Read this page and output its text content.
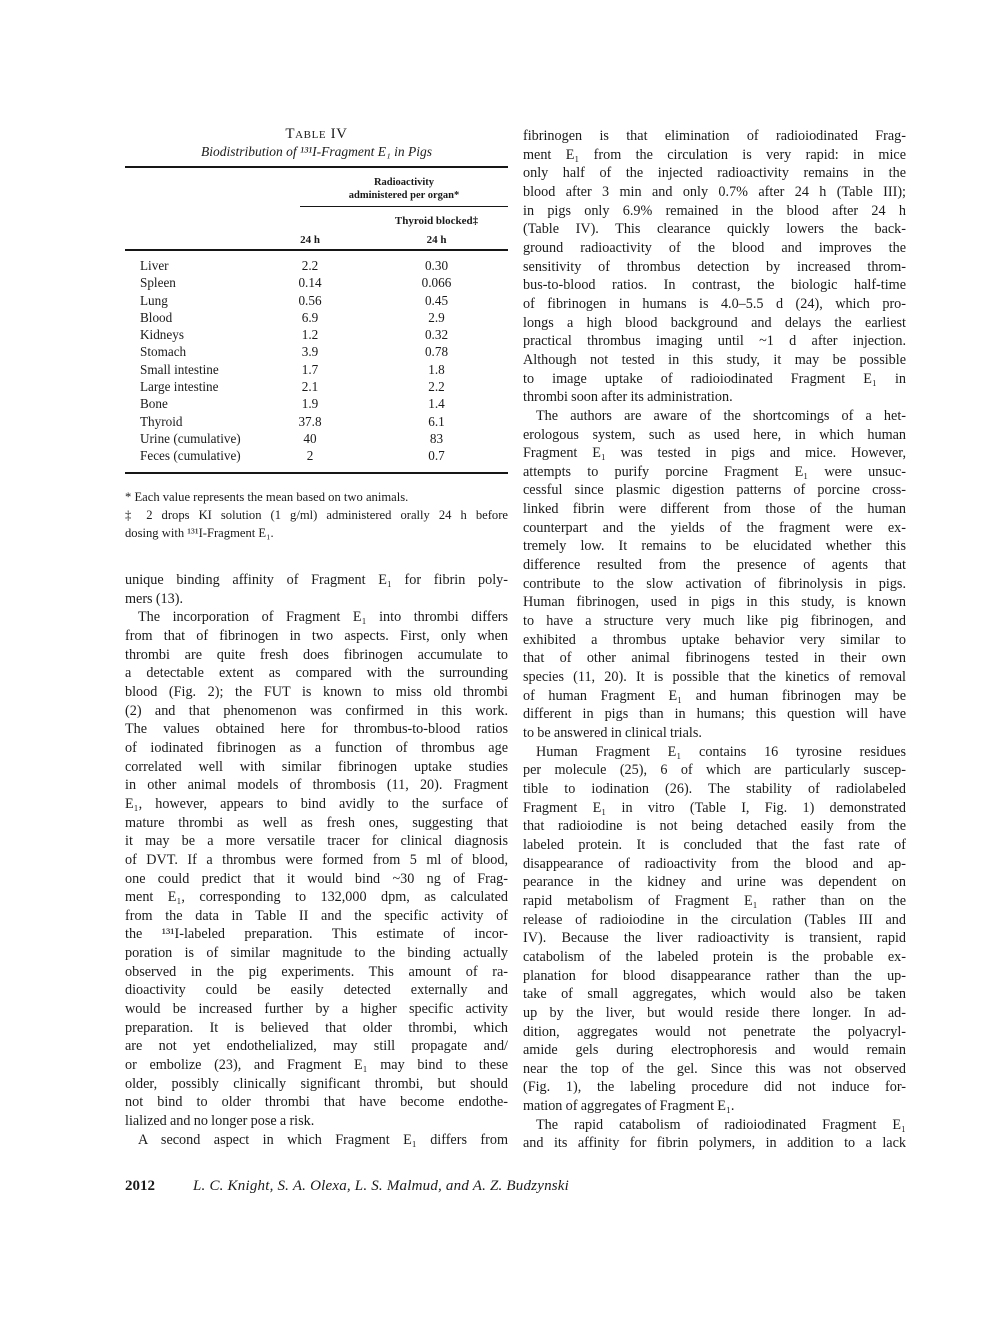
Table IV
Biodistribution of ¹³¹I-Fragment E₁ in Pigs
Radioactivity
administered per organ*
Thyroid blocked‡
24 h	24 h
Liver	2.2	0.30
Spleen	0.14	0.066
Lung	0.56	0.45
Blood	6.9	2.9
Kidneys	1.2	0.32
Stomach	3.9	0.78
Small intestine	1.7	1.8
Large intestine	2.1	2.2
Bone	1.9	1.4
Thyroid	37.8	6.1
Urine (cumulative)	40	83
Feces (cumulative)	2	0.7
* Each value represents the mean based on two animals.
‡ 2 drops KI solution (1 g/ml) administered orally 24 h before
dosing with ¹³¹I-Fragment E₁.
unique binding affinity of Fragment E₁ for fibrin poly-
mers (13).
The incorporation of Fragment E₁ into thrombi differs
from that of fibrinogen in two aspects. First, only when
thrombi are quite fresh does fibrinogen accumulate to
a detectable extent as compared with the surrounding
blood (Fig. 2); the FUT is known to miss old thrombi
(2) and that phenomenon was confirmed in this work.
The values obtained here for thrombus-to-blood ratios
of iodinated fibrinogen as a function of thrombus age
correlated well with similar fibrinogen uptake studies
in other animal models of thrombosis (11, 20). Fragment
E₁, however, appears to bind avidly to the surface of
mature thrombi as well as fresh ones, suggesting that
it may be a more versatile tracer for clinical diagnosis
of DVT. If a thrombus were formed from 5 ml of blood,
one could predict that it would bind ~30 ng of Frag-
ment E₁, corresponding to 132,000 dpm, as calculated
from the data in Table II and the specific activity of
the ¹³¹I-labeled preparation. This estimate of incor-
poration is of similar magnitude to the binding actually
observed in the pig experiments. This amount of ra-
dioactivity could be easily detected externally and
would be increased further by a higher specific activity
preparation. It is believed that older thrombi, which
are not yet endothelialized, may still propagate and/
or embolize (23), and Fragment E₁ may bind to these
older, possibly clinically significant thrombi, but should
not bind to older thrombi that have become endothe-
lialized and no longer pose a risk.
A second aspect in which Fragment E₁ differs from
fibrinogen is that elimination of radioiodinated Frag-
ment E₁ from the circulation is very rapid: in mice
only half of the injected radioactivity remains in the
blood after 3 min and only 0.7% after 24 h (Table III);
in pigs only 6.9% remained in the blood after 24 h
(Table IV). This clearance quickly lowers the back-
ground radioactivity of the blood and improves the
sensitivity of thrombus detection by increased throm-
bus-to-blood ratios. In contrast, the biologic half-time
of fibrinogen in humans is 4.0–5.5 d (24), which pro-
longs a high blood background and delays the earliest
practical thrombus imaging until ~1 d after injection.
Although not tested in this study, it may be possible
to image uptake of radioiodinated Fragment E₁ in
thrombi soon after its administration.
The authors are aware of the shortcomings of a het-
erologous system, such as used here, in which human
Fragment E₁ was tested in pigs and mice. However,
attempts to purify porcine Fragment E₁ were unsuc-
cessful since plasmic digestion patterns of porcine cross-
linked fibrin were different from those of the human
counterpart and the yields of the fragment were ex-
tremely low. It remains to be elucidated whether this
difference resulted from the presence of agents that
contribute to the slow activation of fibrinolysis in pigs.
Human fibrinogen, used in pigs in this study, is known
to have a structure very much like pig fibrinogen, and
exhibited a thrombus uptake behavior very similar to
that of other animal fibrinogens tested in their own
species (11, 20). It is possible that the kinetics of removal
of human Fragment E₁ and human fibrinogen may be
different in pigs than in humans; this question will have
to be answered in clinical trials.
Human Fragment E₁ contains 16 tyrosine residues
per molecule (25), 6 of which are particularly suscep-
tible to iodination (26). The stability of radiolabeled
Fragment E₁ in vitro (Table I, Fig. 1) demonstrated
that radioiodine is not being detached easily from the
labeled protein. It is concluded that the fast rate of
disappearance of radioactivity from the blood and ap-
pearance in the kidney and urine was dependent on
rapid metabolism of Fragment E₁ rather than on the
release of radioiodine in the circulation (Tables III and
IV). Because the liver radioactivity is transient, rapid
catabolism of the labeled protein is the probable ex-
planation for blood disappearance rather than the up-
take of small aggregates, which would also be taken
up by the liver, but would reside there longer. In ad-
dition, aggregates would not penetrate the polyacryl-
amide gels during electrophoresis and would remain
near the top of the gel. Since this was not observed
(Fig. 1), the labeling procedure did not induce for-
mation of aggregates of Fragment E₁.
The rapid catabolism of radioiodinated Fragment E₁
and its affinity for fibrin polymers, in addition to a lack
2012	L. C. Knight, S. A. Olexa, L. S. Malmud, and A. Z. Budzynski
